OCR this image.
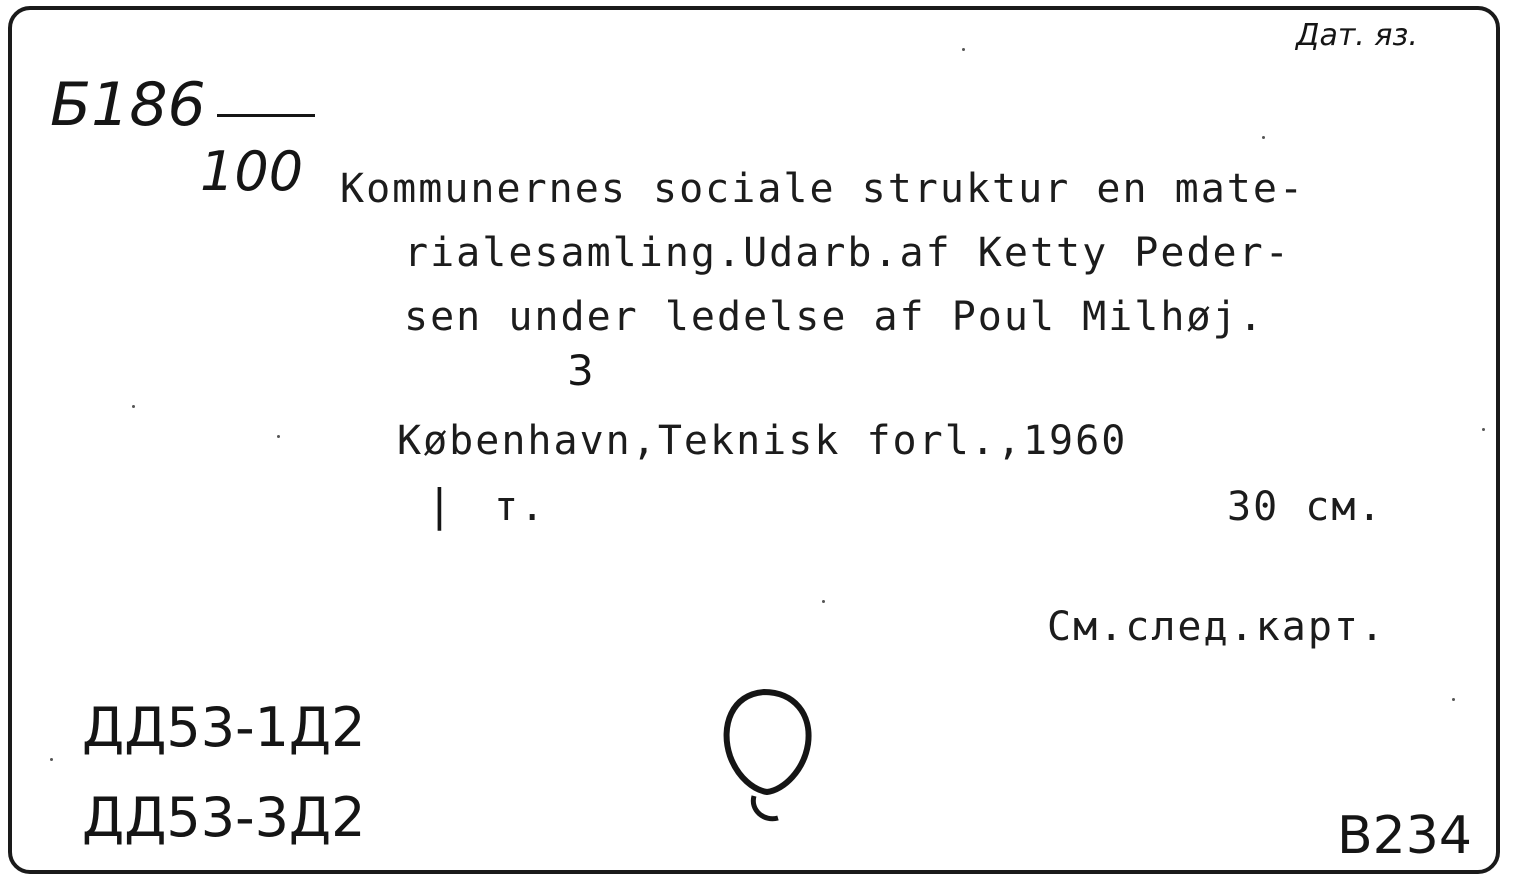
Дат. яз.
Б186
100 Kommunernes sociale struktur en mate-
rialesamling.Udarb.af Ketty Peder-
sen under ledelse af Poul Milhøj.
3
København,Teknisk forl.,1960
| т.	30 см.
См.след.карт.
ДД53-1Д2
ДД53-3Д2	B234
